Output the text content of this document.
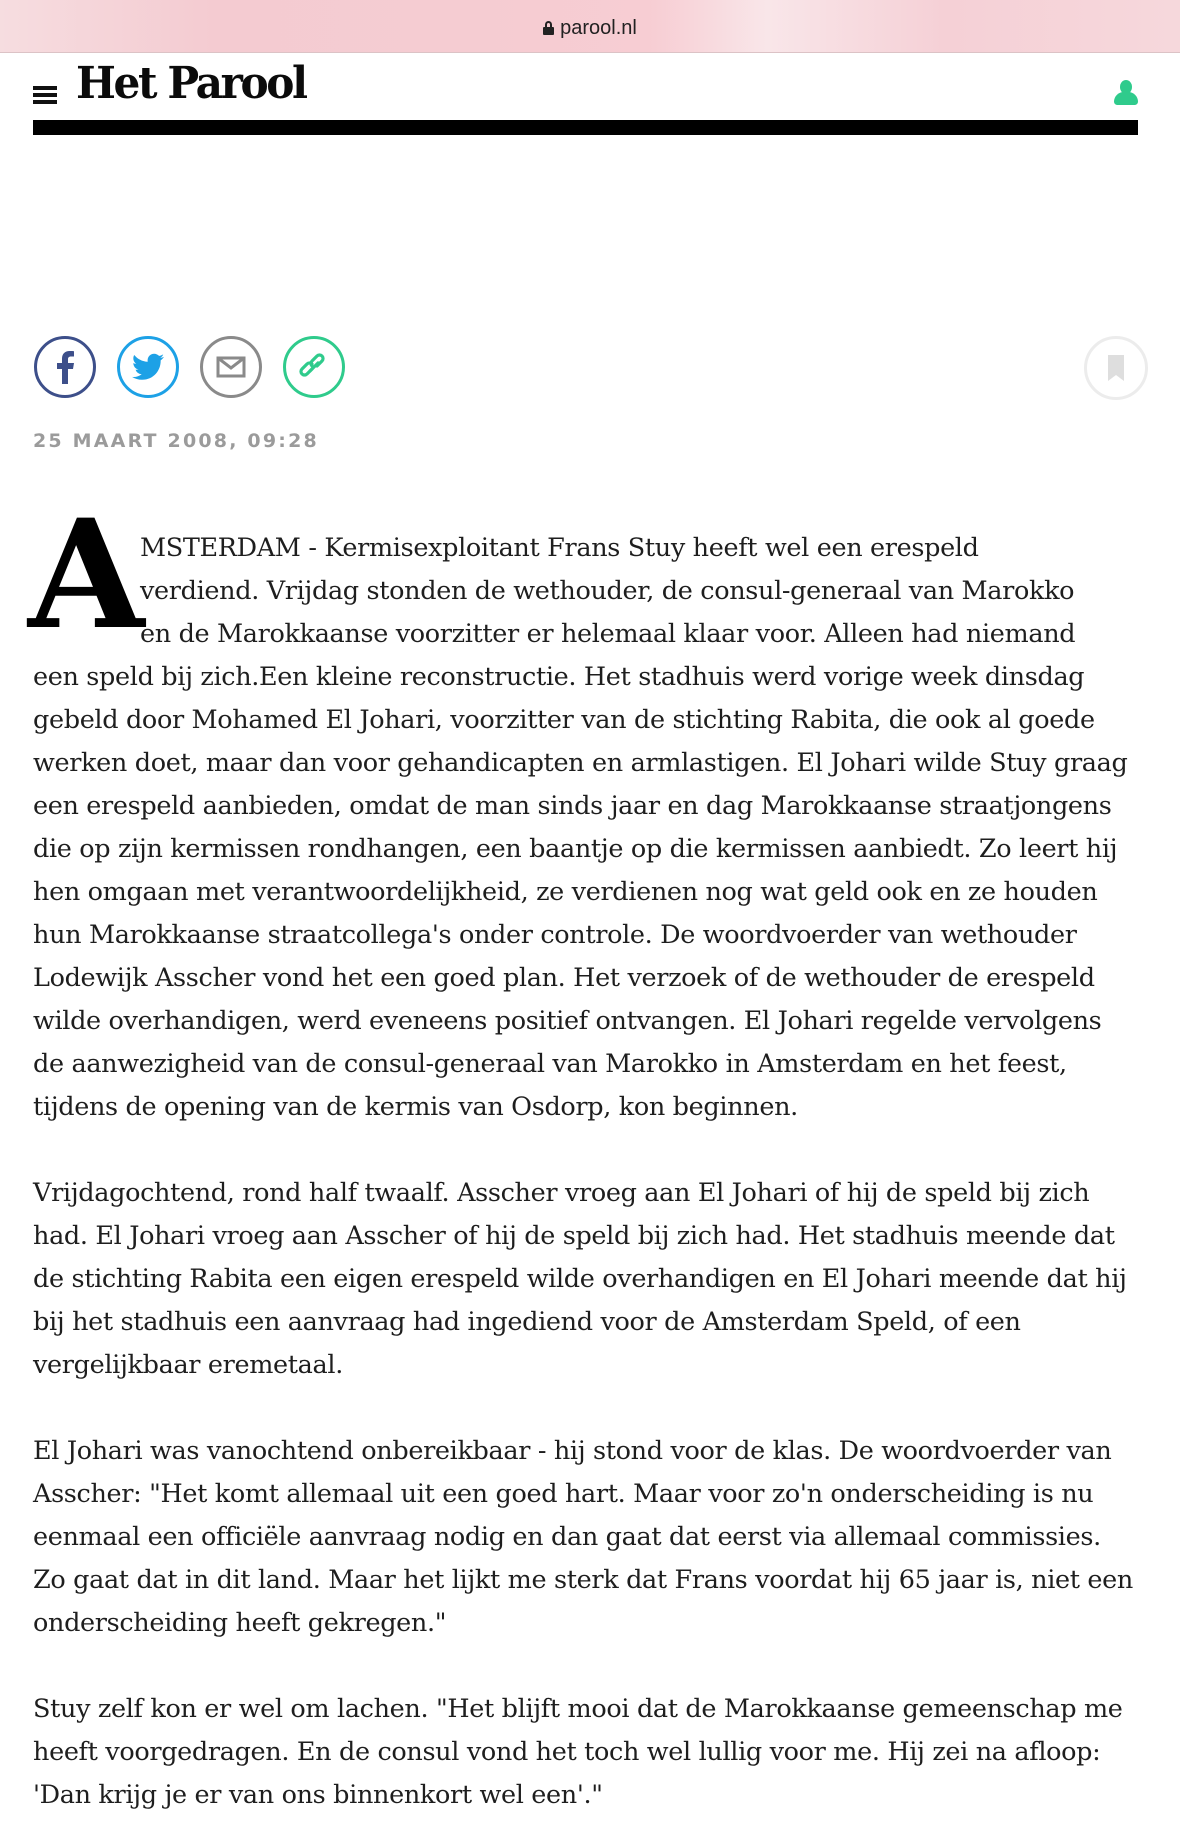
parool.nl
Het Parool
25 MAART 2008, 09:28
A MSTERDAM - Kermisexploitant Frans Stuy heeft wel een erespeld
verdiend. Vrijdag stonden de wethouder, de consul-generaal van Marokko
en de Marokkaanse voorzitter er helemaal klaar voor. Alleen had niemand
een speld bij zich.Een kleine reconstructie. Het stadhuis werd vorige week dinsdag
gebeld door Mohamed El Johari, voorzitter van de stichting Rabita, die ook al goede
werken doet, maar dan voor gehandicapten en armlastigen. El Johari wilde Stuy graag
een erespeld aanbieden, omdat de man sinds jaar en dag Marokkaanse straatjongens
die op zijn kermissen rondhangen, een baantje op die kermissen aanbiedt. Zo leert hij
hen omgaan met verantwoordelijkheid, ze verdienen nog wat geld ook en ze houden
hun Marokkaanse straatcollega's onder controle. De woordvoerder van wethouder
Lodewijk Asscher vond het een goed plan. Het verzoek of de wethouder de erespeld
wilde overhandigen, werd eveneens positief ontvangen. El Johari regelde vervolgens
de aanwezigheid van de consul-generaal van Marokko in Amsterdam en het feest,
tijdens de opening van de kermis van Osdorp, kon beginnen.
Vrijdagochtend, rond half twaalf. Asscher vroeg aan El Johari of hij de speld bij zich
had. El Johari vroeg aan Asscher of hij de speld bij zich had. Het stadhuis meende dat
de stichting Rabita een eigen erespeld wilde overhandigen en El Johari meende dat hij
bij het stadhuis een aanvraag had ingediend voor de Amsterdam Speld, of een
vergelijkbaar eremetaal.
El Johari was vanochtend onbereikbaar - hij stond voor de klas. De woordvoerder van
Asscher: "Het komt allemaal uit een goed hart. Maar voor zo'n onderscheiding is nu
eenmaal een officiële aanvraag nodig en dan gaat dat eerst via allemaal commissies.
Zo gaat dat in dit land. Maar het lijkt me sterk dat Frans voordat hij 65 jaar is, niet een
onderscheiding heeft gekregen."
Stuy zelf kon er wel om lachen. "Het blijft mooi dat de Marokkaanse gemeenschap me
heeft voorgedragen. En de consul vond het toch wel lullig voor me. Hij zei na afloop:
'Dan krijg je er van ons binnenkort wel een'."
